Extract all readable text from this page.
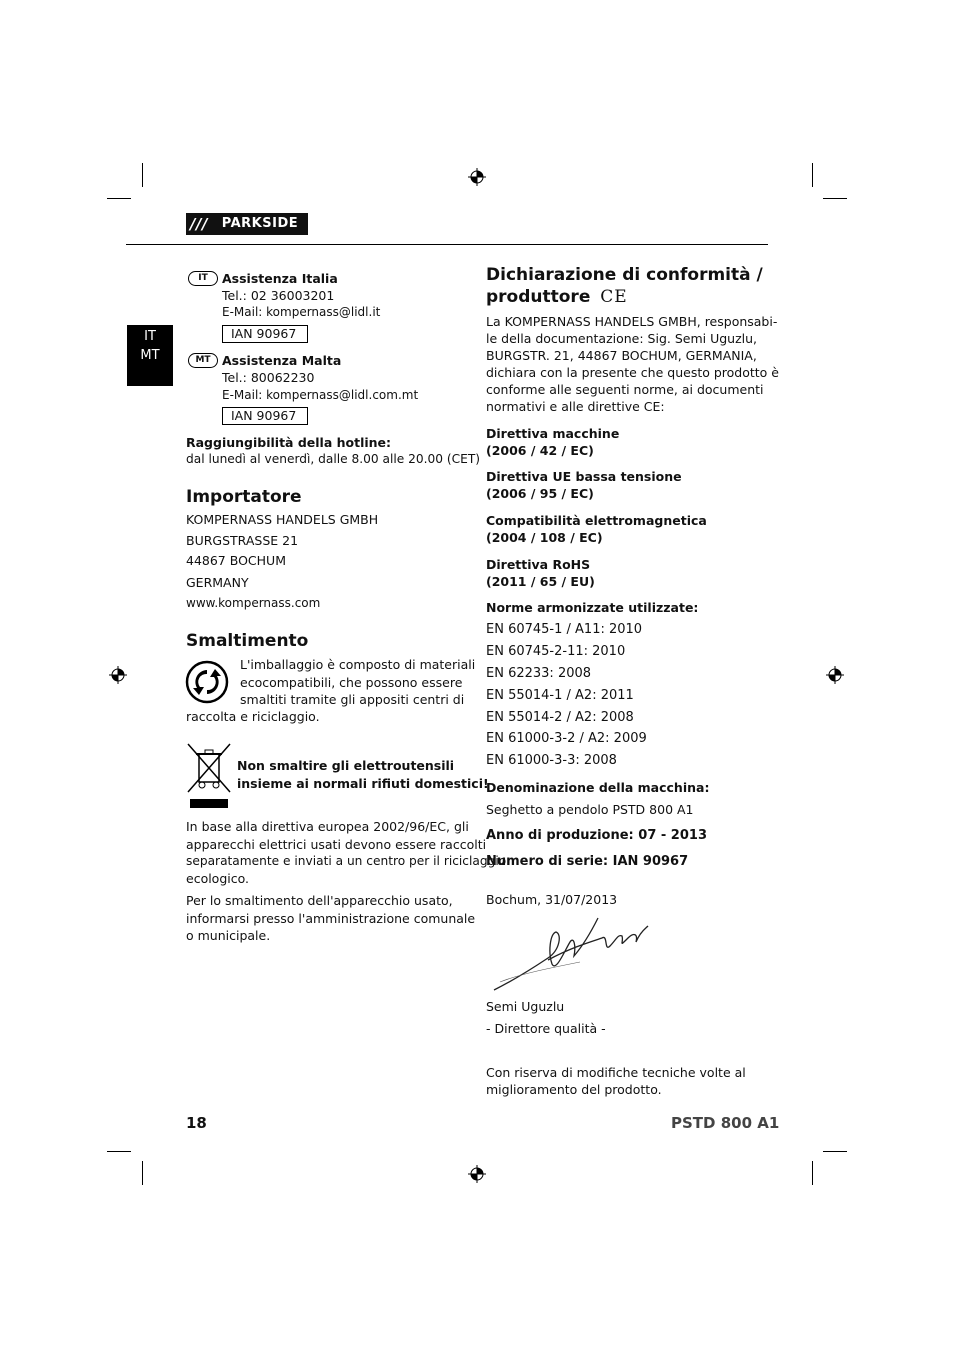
///	PARKSIDE
IT
MT
IT	Assistenza Italia
Tel.: 02 36003201
E-Mail: kompernass@lidl.it
IAN 90967
MT Assistenza Malta
Tel.: 80062230
E-Mail: kompernass@lidl.com.mt
IAN 90967
Raggiungibilità della hotline:
dal lunedì al venerdì, dalle 8.00 alle 20.00 (CET)
Importatore
KOMPERNASS HANDELS GMBH
BURGSTRASSE 21
44867 BOCHUM
GERMANY
www.kompernass.com
Smaltimento
L'imballaggio è composto di materiali
ecocompatibili, che possono essere
smaltiti tramite gli appositi centri di
raccolta e riciclaggio.
Non smaltire gli elettroutensili
insieme ai normali rifiuti domestici!
In base alla direttiva europea 2002/96/EC, gli
apparecchi elettrici usati devono essere raccolti
separatamente e inviati a un centro per il riciclaggio
ecologico.
Per lo smaltimento dell'apparecchio usato,
informarsi presso l'amministrazione comunale
o municipale.
Dichiarazione di conformità /
produttore CE
La KOMPERNASS HANDELS GMBH, responsabi-
le della documentazione: Sig. Semi Uguzlu,
BURGSTR. 21, 44867 BOCHUM, GERMANIA,
dichiara con la presente che questo prodotto è
conforme alle seguenti norme, ai documenti
normativi e alle direttive CE:
Direttiva macchine
(2006 / 42 / EC)
Direttiva UE bassa tensione
(2006 / 95 / EC)
Compatibilità elettromagnetica
(2004 / 108 / EC)
Direttiva RoHS
(2011 / 65 / EU)
Norme armonizzate utilizzate:
EN 60745-1 / A11: 2010
EN 60745-2-11: 2010
EN 62233: 2008
EN 55014-1 / A2: 2011
EN 55014-2 / A2: 2008
EN 61000-3-2 / A2: 2009
EN 61000-3-3: 2008
Denominazione della macchina:
Seghetto a pendolo PSTD 800 A1
Anno di produzione: 07 - 2013
Numero di serie: IAN 90967
Bochum, 31/07/2013
Semi Uguzlu
- Direttore qualità -
Con riserva di modifiche tecniche volte al
miglioramento del prodotto.
18	PSTD 800 A1
